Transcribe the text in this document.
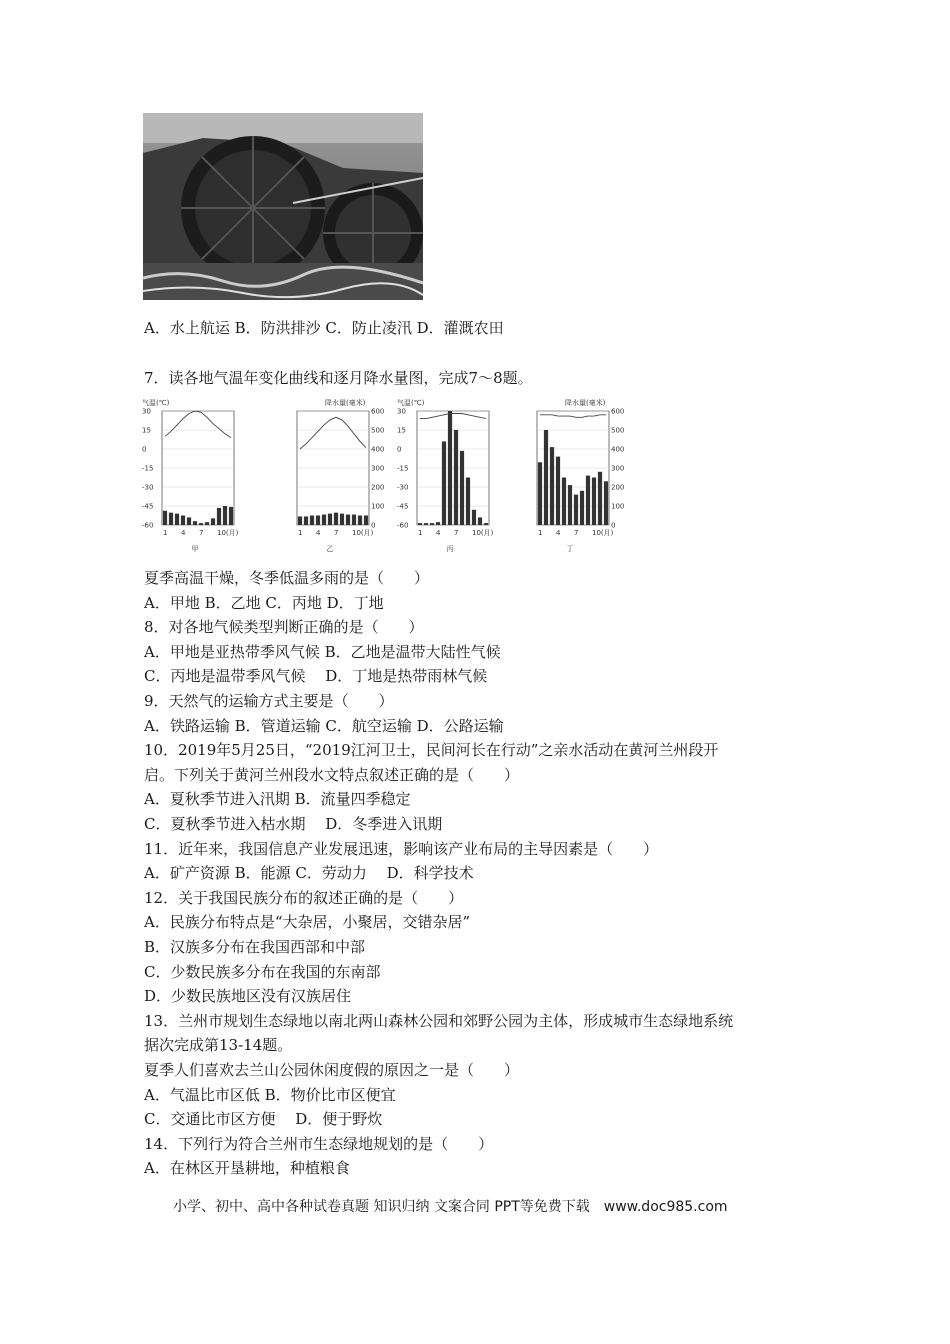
A．水上航运 B．防洪排沙 C．防止凌汛 D．灌溉农田
7．读各地气温年变化曲线和逐月降水量图，完成7～8题。
气温(℃)
30
15
0
-15
-30
-45
-60
1 4 7 10(月)
甲
降水量(毫米)
600
500
400
300
200
100
0
1 4 7 10(月)
乙
气温(℃)
30
15
0
-15
-30
-45
-60
1 4 7 10(月)
丙
降水量(毫米)
600
500
400
300
200
100
0
1 4 7 10(月)
丁
夏季高温干燥，冬季低温多雨的是（　　）
A．甲地 B．乙地 C．丙地 D．丁地
8．对各地气候类型判断正确的是（　　）
A．甲地是亚热带季风气候 B．乙地是温带大陆性气候
C．丙地是温带季风气候　 D．丁地是热带雨林气候
9．天然气的运输方式主要是（　　）
A．铁路运输 B．管道运输 C．航空运输 D．公路运输
10．2019年5月25日，“2019江河卫士，民间河长在行动”之亲水活动在黄河兰州段开
启。下列关于黄河兰州段水文特点叙述正确的是（　　）
A．夏秋季节进入汛期 B．流量四季稳定
C．夏秋季节进入枯水期　 D．冬季进入讯期
11．近年来，我国信息产业发展迅速，影响该产业布局的主导因素是（　　）
A．矿产资源 B．能源 C．劳动力　 D．科学技术
12．关于我国民族分布的叙述正确的是（　　）
A．民族分布特点是“大杂居，小聚居，交错杂居”
B．汉族多分布在我国西部和中部
C．少数民族多分布在我国的东南部
D．少数民族地区没有汉族居住
13．兰州市规划生态绿地以南北两山森林公园和郊野公园为主体，形成城市生态绿地系统
据次完成第13-14题。
夏季人们喜欢去兰山公园休闲度假的原因之一是（　　）
A．气温比市区低 B．物价比市区便宜
C．交通比市区方便　 D．便于野炊
14．下列行为符合兰州市生态绿地规划的是（　　）
A．在林区开垦耕地，种植粮食
小学、初中、高中各种试卷真题 知识归纳 文案合同 PPT等免费下载　www.doc985.com
